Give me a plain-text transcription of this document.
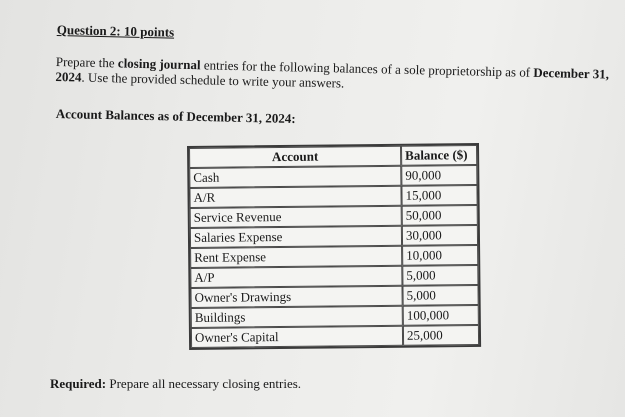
Question 2: 10 points
Prepare the closing journal entries for the following balances of a sole proprietorship as of December 31, 2024. Use the provided schedule to write your answers.
Account Balances as of December 31, 2024:
Account	Balance ($)
Cash	90,000
A/R	15,000
Service Revenue	50,000
Salaries Expense	30,000
Rent Expense	10,000
A/P	5,000
Owner's Drawings	5,000
Buildings	100,000
Owner's Capital	25,000
Required: Prepare all necessary closing entries.
